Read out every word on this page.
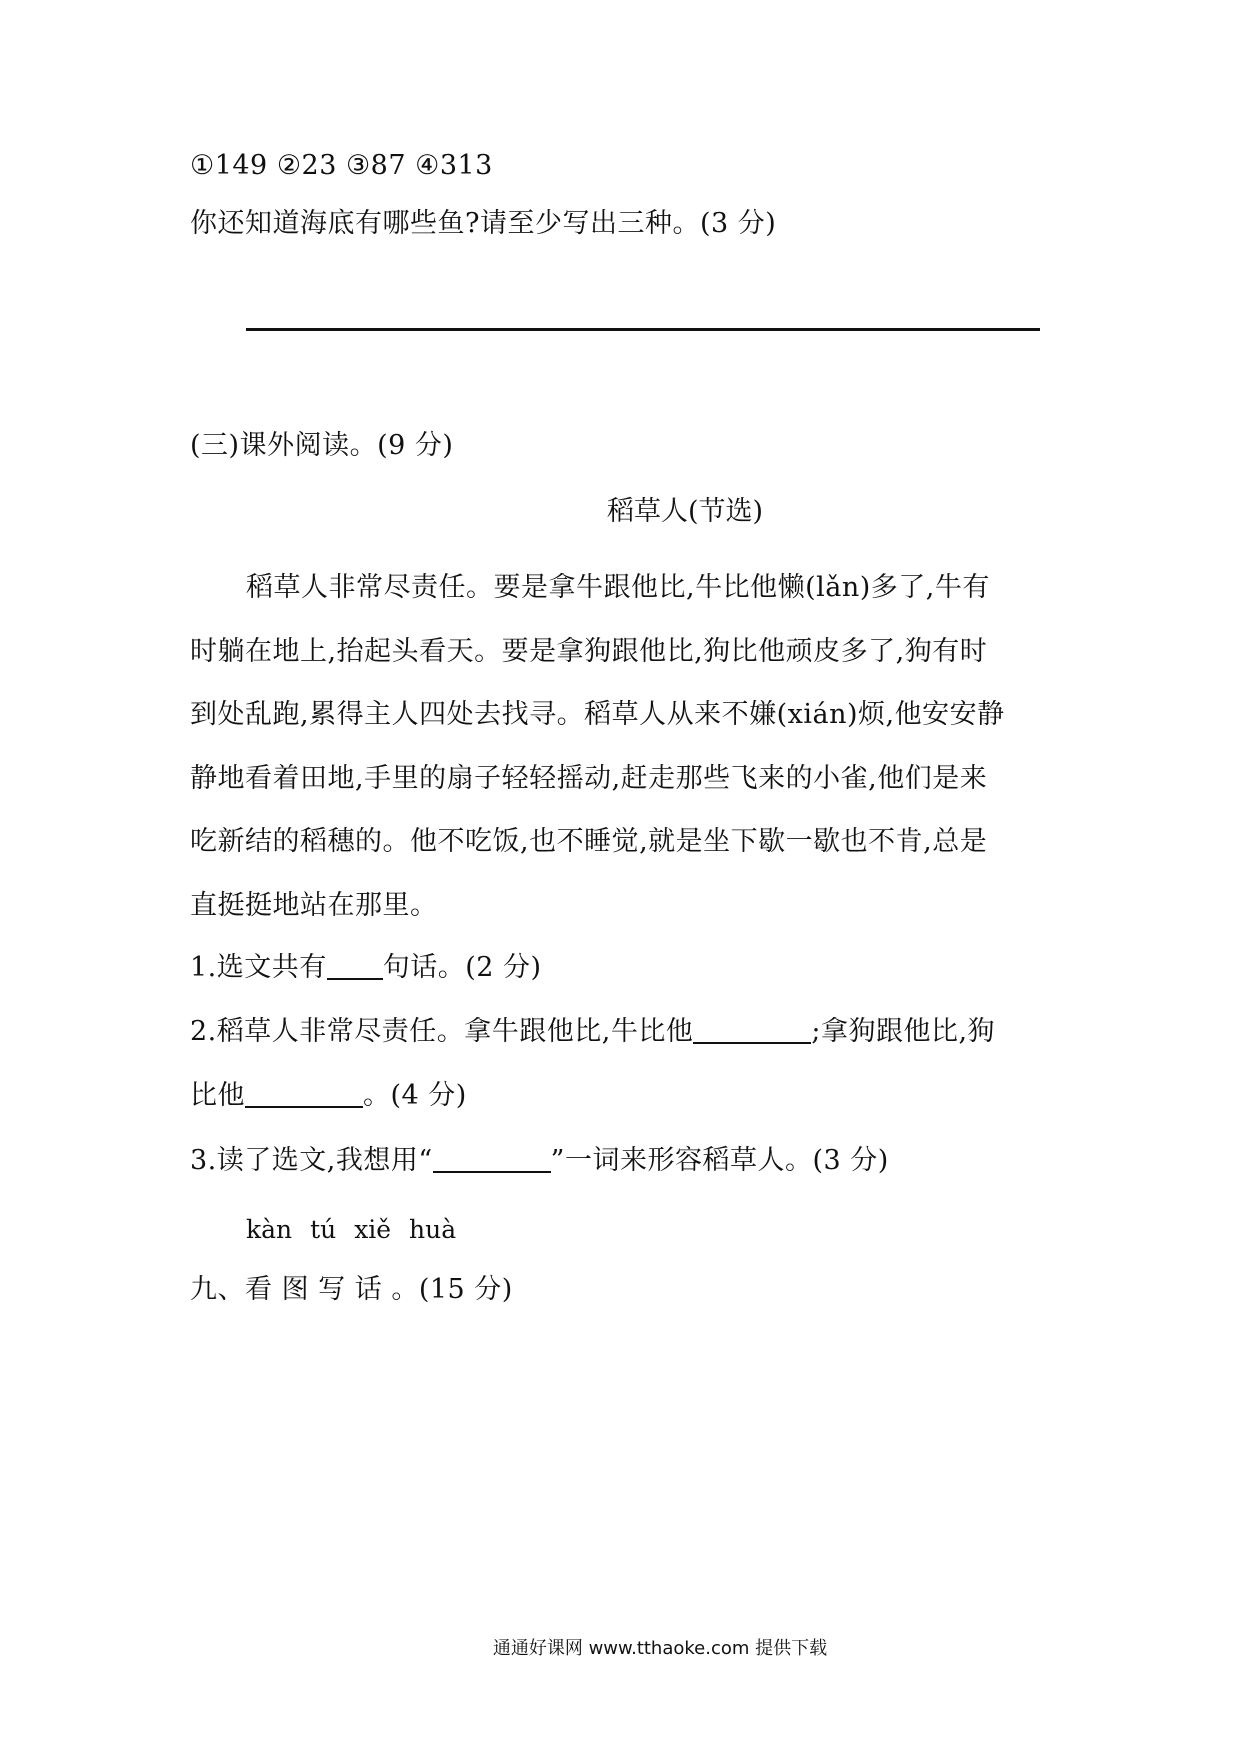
①149 ②23 ③87 ④313
你还知道海底有哪些鱼?请至少写出三种。(3 分)
(三)课外阅读。(9 分)
稻草人(节选)
稻草人非常尽责任。要是拿牛跟他比,牛比他懒(lǎn)多了,牛有
时躺在地上,抬起头看天。要是拿狗跟他比,狗比他顽皮多了,狗有时
到处乱跑,累得主人四处去找寻。稻草人从来不嫌(xián)烦,他安安静
静地看着田地,手里的扇子轻轻摇动,赶走那些飞来的小雀,他们是来
吃新结的稻穗的。他不吃饭,也不睡觉,就是坐下歇一歇也不肯,总是
直挺挺地站在那里。
1.选文共有 句话。(2 分)
2.稻草人非常尽责任。拿牛跟他比,牛比他	;拿狗跟他比,狗
比他	。(4 分)
3.读了选文,我想用“	”一词来形容稻草人。(3 分)
kàn tú xiě huà
九、看 图 写 话 。(15 分)
通通好课网 www.tthaoke.com 提供下载
